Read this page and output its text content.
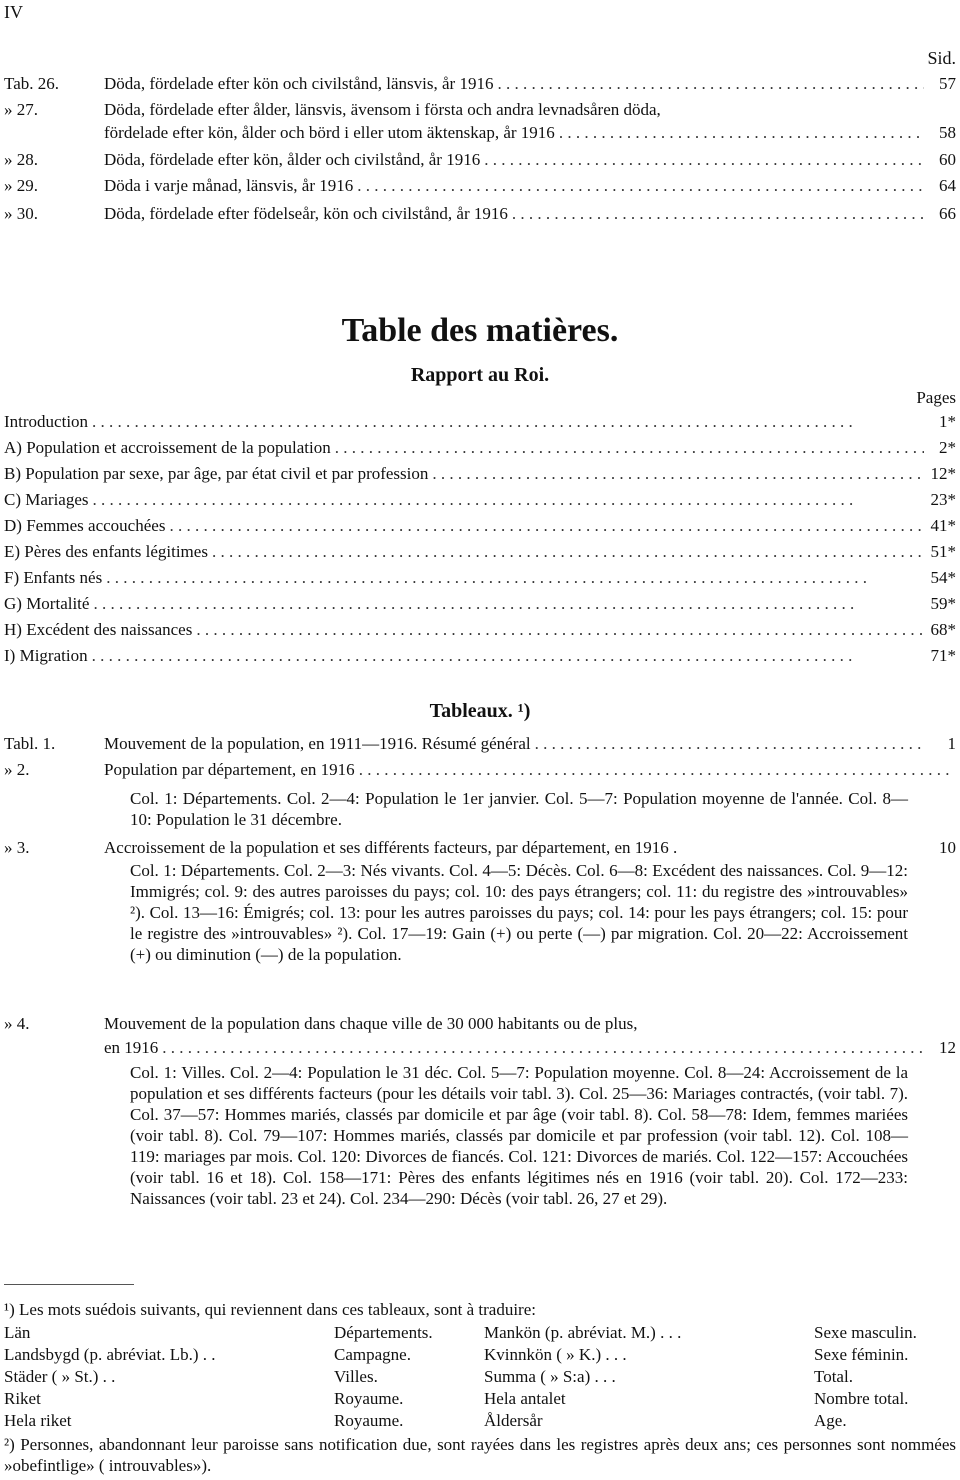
IV
Sid.
Tab. 26.	Döda, fördelade efter kön och civilstånd, länsvis, år 1916 . . .	57
» 27.	Döda, fördelade efter ålder, länsvis, ävensom i första och andra levnadsåren döda,
fördelade efter kön, ålder och börd i eller utom äktenskap, år 1916 . . .	58
» 28.	Döda, fördelade efter kön, ålder och civilstånd, år 1916 . . .	60
» 29.	Döda i varje månad, länsvis, år 1916 . . .	64
» 30.	Döda, fördelade efter födelseår, kön och civilstånd, år 1916 . . .	66
Table des matières.
Rapport au Roi.
Pages
Introduction . . .	1*
A) Population et accroissement de la population . . .	2*
B) Population par sexe, par âge, par état civil et par profession . . .	12*
C) Mariages . . .	23*
D) Femmes accouchées . . .	41*
E) Pères des enfants légitimes . . .	51*
F) Enfants nés . . .	54*
G) Mortalité . . .	59*
H) Excédent des naissances . . .	68*
I) Migration . . .	71*
Tableaux. ¹)
Tabl. 1.	Mouvement de la population, en 1911—1916. Résumé général . . .	1
» 2.	Population par département, en 1916
. . .
Col. 1: Départements. Col. 2—4: Population le 1er janvier. Col. 5—7: Population moyenne de l'année. Col. 8—10: Population le 31 décembre.
» 3.	Accroissement de la population et ses différents facteurs, par département, en 1916 .	10
Col. 1: Départements. Col. 2—3: Nés vivants. Col. 4—5: Décès. Col. 6—8: Excédent des naissances. Col. 9—12: Immigrés; col. 9: des autres paroisses du pays; col. 10: des pays étrangers; col. 11: du registre des »introuvables» ²). Col. 13—16: Émigrés; col. 13: pour les autres paroisses du pays; col. 14: pour les pays étrangers; col. 15: pour le registre des »introuvables» ²). Col. 17—19: Gain (+) ou perte (—) par migration. Col. 20—22: Accroissement (+) ou diminution (—) de la population.
» 4.	Mouvement de la population dans chaque ville de 30 000 habitants ou de plus,
en 1916 . . .	12
Col. 1: Villes. Col. 2—4: Population le 31 déc. Col. 5—7: Population moyenne. Col. 8—24: Accroissement de la population et ses différents facteurs (pour les détails voir tabl. 3). Col. 25—36: Mariages contractés, (voir tabl. 7). Col. 37—57: Hommes mariés, classés par domicile et par âge (voir tabl. 8). Col. 58—78: Idem, femmes mariées (voir tabl. 8). Col. 79—107: Hommes mariés, classés par domicile et par profession (voir tabl. 12). Col. 108—119: mariages par mois. Col. 120: Divorces de fiancés. Col. 121: Divorces de mariés. Col. 122—157: Accouchées (voir tabl. 16 et 18). Col. 158—171: Pères des enfants légitimes nés en 1916 (voir tabl. 20). Col. 172—233: Naissances (voir tabl. 23 et 24). Col. 234—290: Décès (voir tabl. 26, 27 et 29).
¹) Les mots suédois suivants, qui reviennent dans ces tableaux, sont à traduire:
Län	Départements.	Mankön (p. abréviat. M.) . . .	Sexe masculin.
Landsbygd (p. abréviat. Lb.) . .	Campagne.	Kvinnkön ( » K.) . . .	Sexe féminin.
Städer ( » St.) . .	Villes.	Summa ( » S:a) . . .	Total.
Riket	Royaume.	Hela antalet	Nombre total.
Hela riket	Royaume.	Åldersår	Age.
²) Personnes, abandonnant leur paroisse sans notification due, sont rayées dans les registres après deux ans; ces personnes sont nommées »obefintlige» ( introuvables»).
